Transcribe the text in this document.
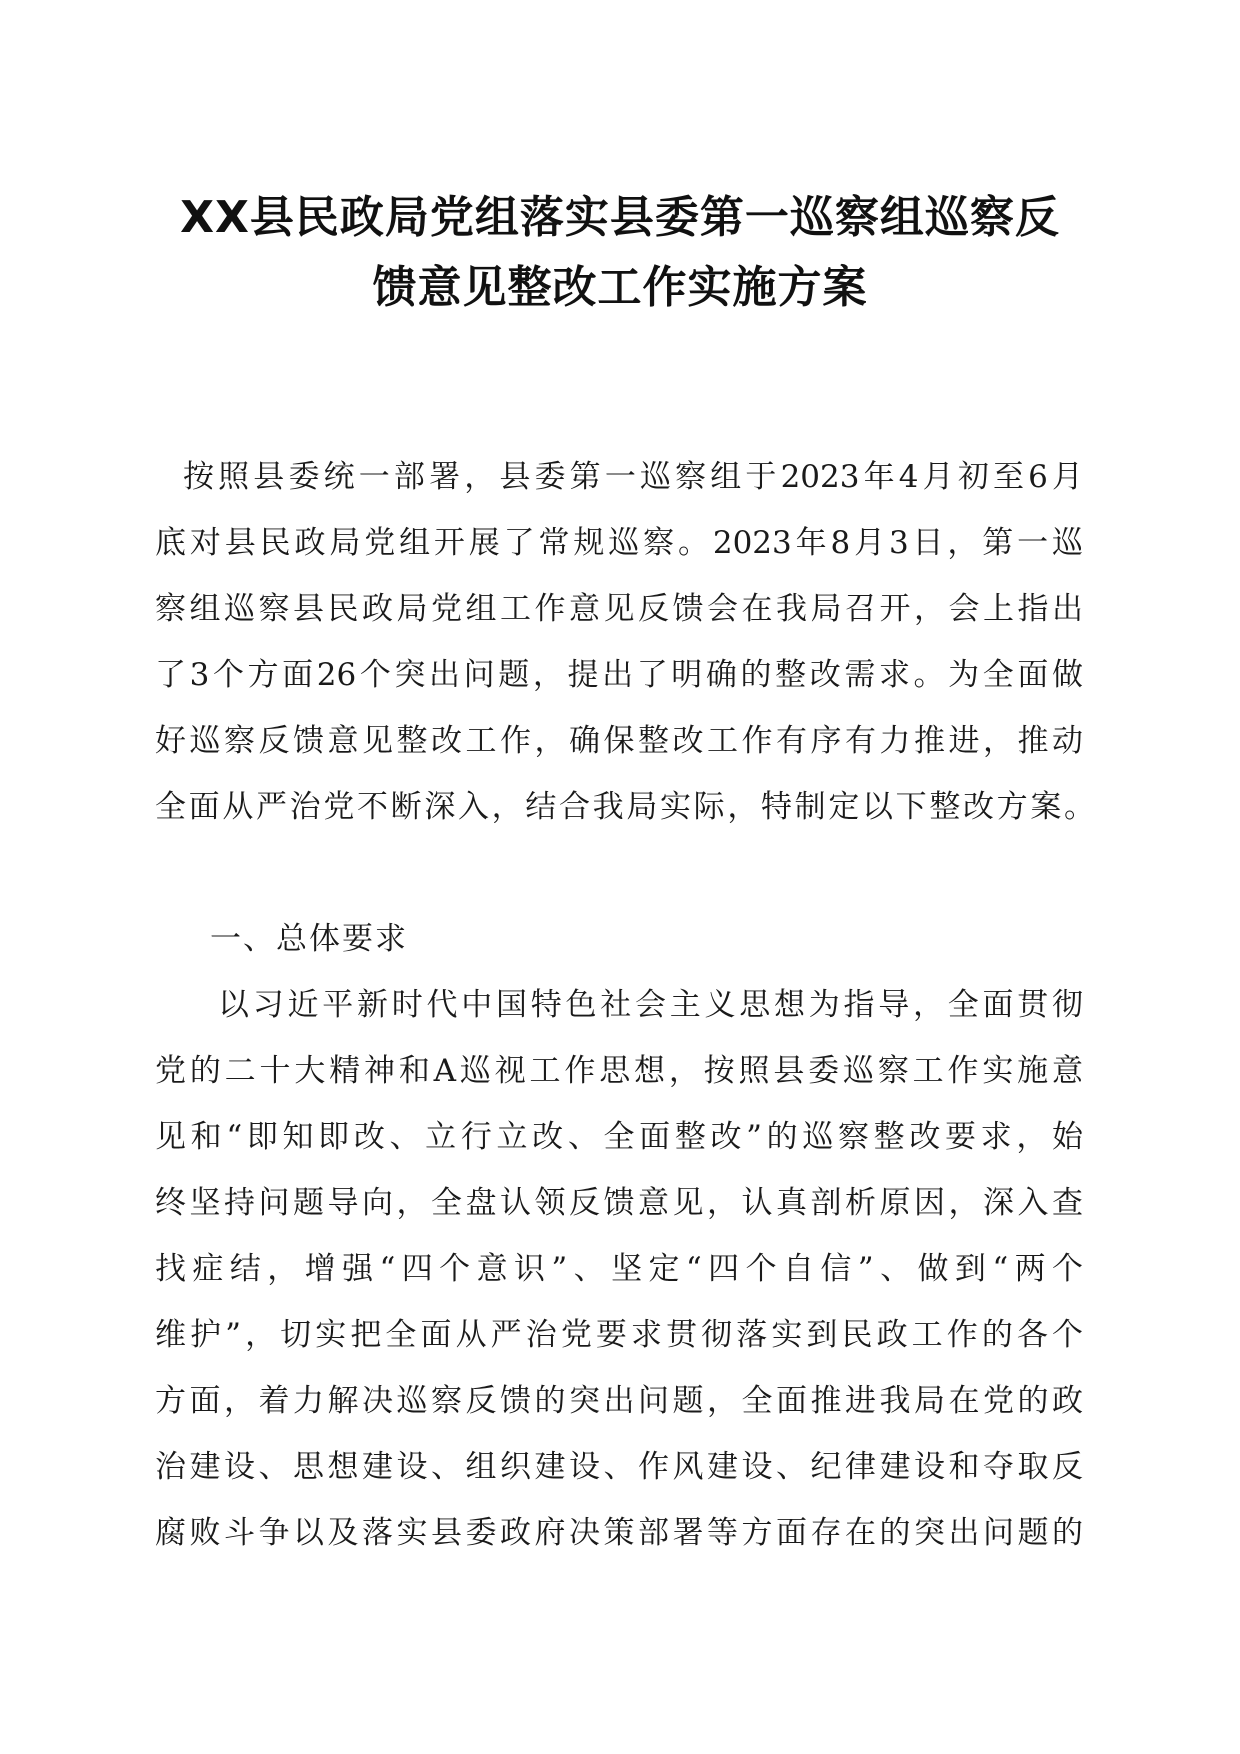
XX县民政局党组落实县委第一巡察组巡察反
馈意见整改工作实施方案
按照县委统一部署，县委第一巡察组于2023年4月初至6月
底对县民政局党组开展了常规巡察。2023年8月3日，第一巡
察组巡察县民政局党组工作意见反馈会在我局召开，会上指出
了3个方面26个突出问题，提出了明确的整改需求。为全面做
好巡察反馈意见整改工作，确保整改工作有序有力推进，推动
全面从严治党不断深入，结合我局实际，特制定以下整改方案。
一、总体要求
以习近平新时代中国特色社会主义思想为指导，全面贯彻
党的二十大精神和A巡视工作思想，按照县委巡察工作实施意
见和“即知即改、立行立改、全面整改”的巡察整改要求，始
终坚持问题导向，全盘认领反馈意见，认真剖析原因，深入查
找症结，增强“四个意识”、坚定“四个自信”、做到“两个
维护”，切实把全面从严治党要求贯彻落实到民政工作的各个
方面，着力解决巡察反馈的突出问题，全面推进我局在党的政
治建设、思想建设、组织建设、作风建设、纪律建设和夺取反
腐败斗争以及落实县委政府决策部署等方面存在的突出问题的
